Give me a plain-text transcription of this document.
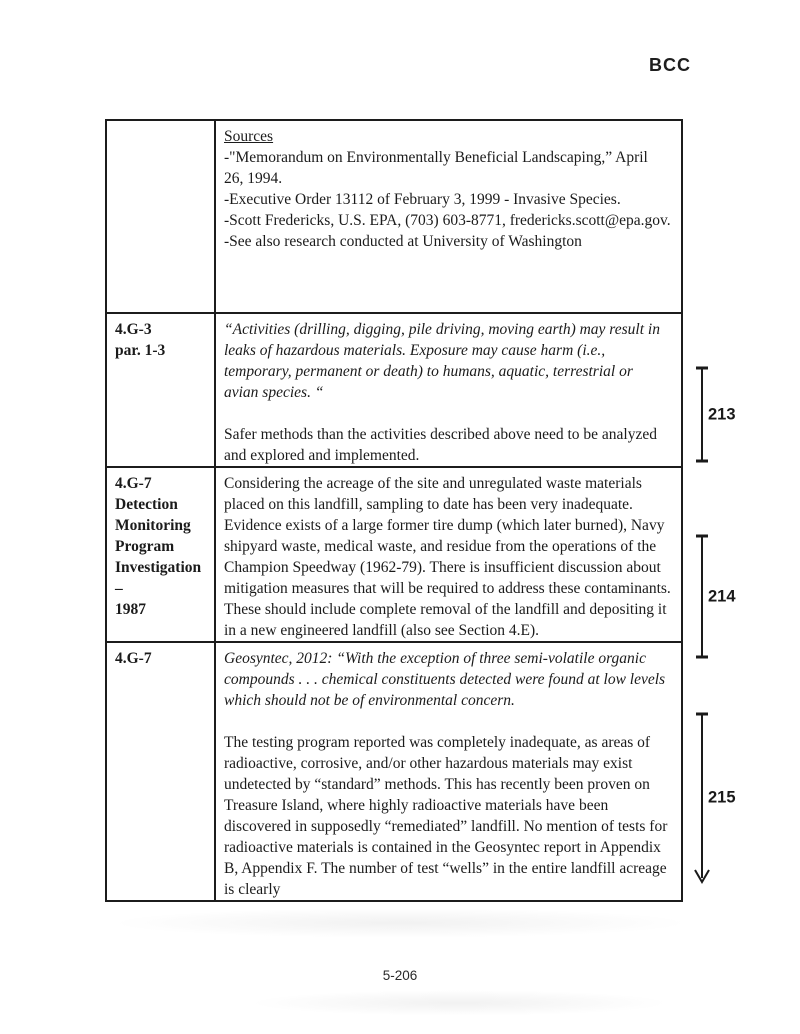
BCC
Sources
-"Memorandum on Environmentally Beneficial Landscaping,” April 26, 1994.
-Executive Order 13112 of February 3, 1999 - Invasive Species.
-Scott Fredericks, U.S. EPA, (703) 603-8771, fredericks.scott@epa.gov.
-See also research conducted at University of Washington
4.G-3
par. 1-3

“Activities (drilling, digging, pile driving, moving earth) may result in leaks of hazardous materials. Exposure may cause harm (i.e., temporary, permanent or death) to humans, aquatic, terrestrial or avian species. “

Safer methods than the activities described above need to be analyzed and explored and implemented.

4.G-7
Detection
Monitoring
Program
Investigation –
1987

Considering the acreage of the site and unregulated waste materials placed on this landfill, sampling to date has been very inadequate. Evidence exists of a large former tire dump (which later burned), Navy shipyard waste, medical waste, and residue from the operations of the Champion Speedway (1962-79). There is insufficient discussion about mitigation measures that will be required to address these contaminants. These should include complete removal of the landfill and depositing it in a new engineered landfill (also see Section 4.E).

4.G-7	Geosyntec, 2012: “With the exception of three semi-volatile organic compounds . . . chemical constituents detected were found at low levels which should not be of environmental concern.

The testing program reported was completely inadequate, as areas of radioactive, corrosive, and/or other hazardous materials may exist undetected by “standard” methods. This has recently been proven on Treasure Island, where highly radioactive materials have been discovered in supposedly “remediated” landfill. No mention of tests for radioactive materials is contained in the Geosyntec report in Appendix B, Appendix F. The number of test “wells” in the entire landfill acreage is clearly

213
214
215
5-206
